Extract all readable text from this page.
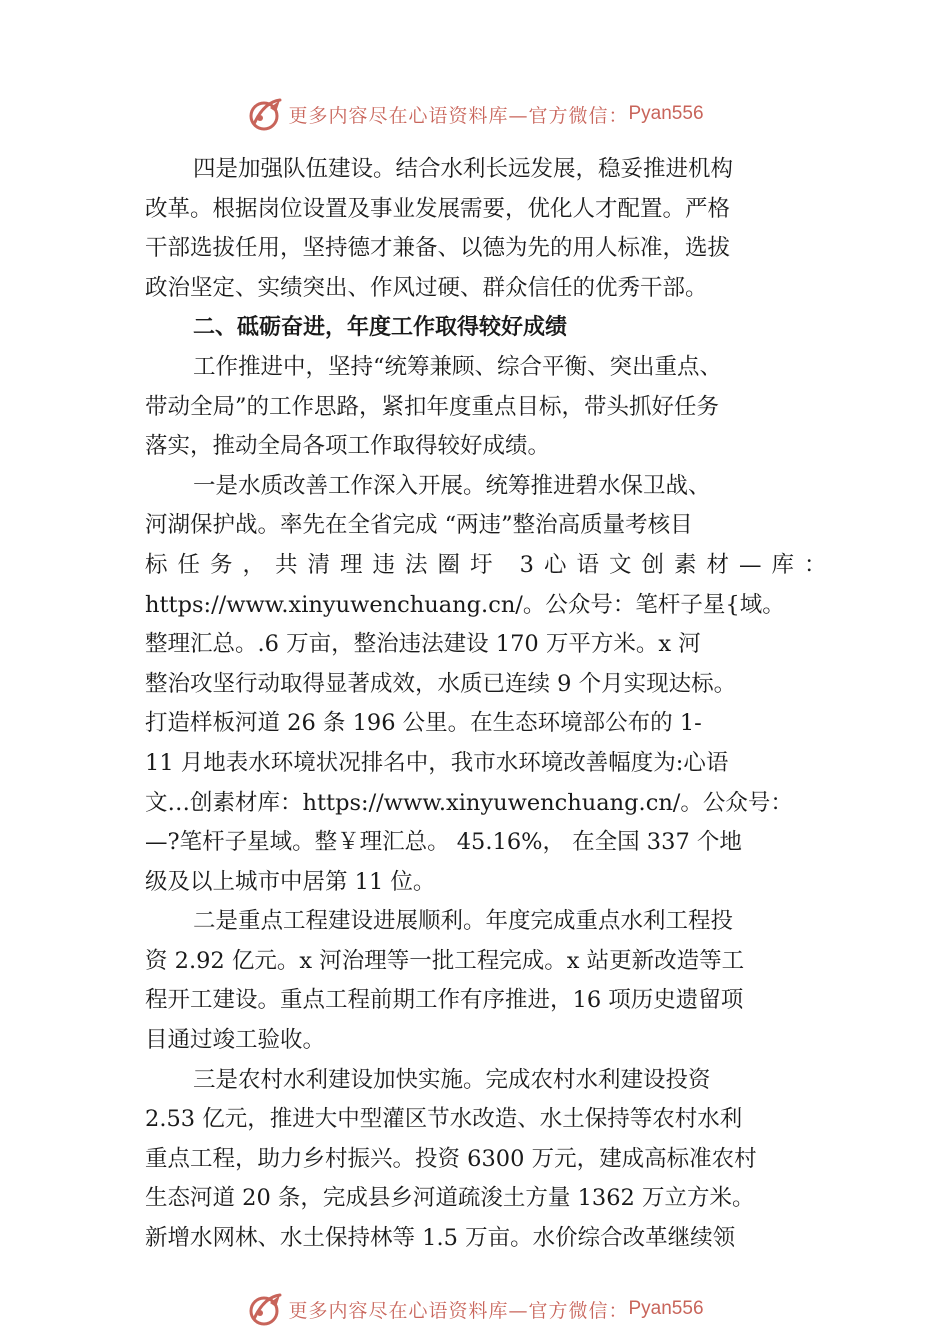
更多内容尽在心语资料库—官方微信： Pyan556
四是加强队伍建设。结合水利长远发展，稳妥推进机构
改革。根据岗位设置及事业发展需要，优化人才配置。严格
干部选拔任用，坚持德才兼备、以德为先的用人标准，选拔
政治坚定、实绩突出、作风过硬、群众信任的优秀干部。
二、砥砺奋进，年度工作取得较好成绩
工作推进中，坚持“统筹兼顾、综合平衡、突出重点、
带动全局”的工作思路，紧扣年度重点目标，带头抓好任务
落实，推动全局各项工作取得较好成绩。
一是水质改善工作深入开展。统筹推进碧水保卫战、
河湖保护战。率先在全省完成 “两违”整治高质量考核目
标任务，共清理违法圈圩 3心语文创素材—库：
https://www.xinyuwenchuang.cn/。公众号：笔杆子星{域。
整理汇总。.6 万亩，整治违法建设 170 万平方米。x 河
整治攻坚行动取得显著成效，水质已连续 9 个月实现达标。
打造样板河道 26 条 196 公里。在生态环境部公布的 1-
11 月地表水环境状况排名中，我市水环境改善幅度为:心语
文…创素材库：https://www.xinyuwenchuang.cn/。公众号：
—?笔杆子星域。整￥理汇总。 45.16%， 在全国 337 个地
级及以上城市中居第 11 位。
二是重点工程建设进展顺利。年度完成重点水利工程投
资 2.92 亿元。x 河治理等一批工程完成。x 站更新改造等工
程开工建设。重点工程前期工作有序推进，16 项历史遗留项
目通过竣工验收。
三是农村水利建设加快实施。完成农村水利建设投资
2.53 亿元，推进大中型灌区节水改造、水土保持等农村水利
重点工程，助力乡村振兴。投资 6300 万元，建成高标准农村
生态河道 20 条，完成县乡河道疏浚土方量 1362 万立方米。
新增水网林、水土保持林等 1.5 万亩。水价综合改革继续领
更多内容尽在心语资料库—官方微信： Pyan556
